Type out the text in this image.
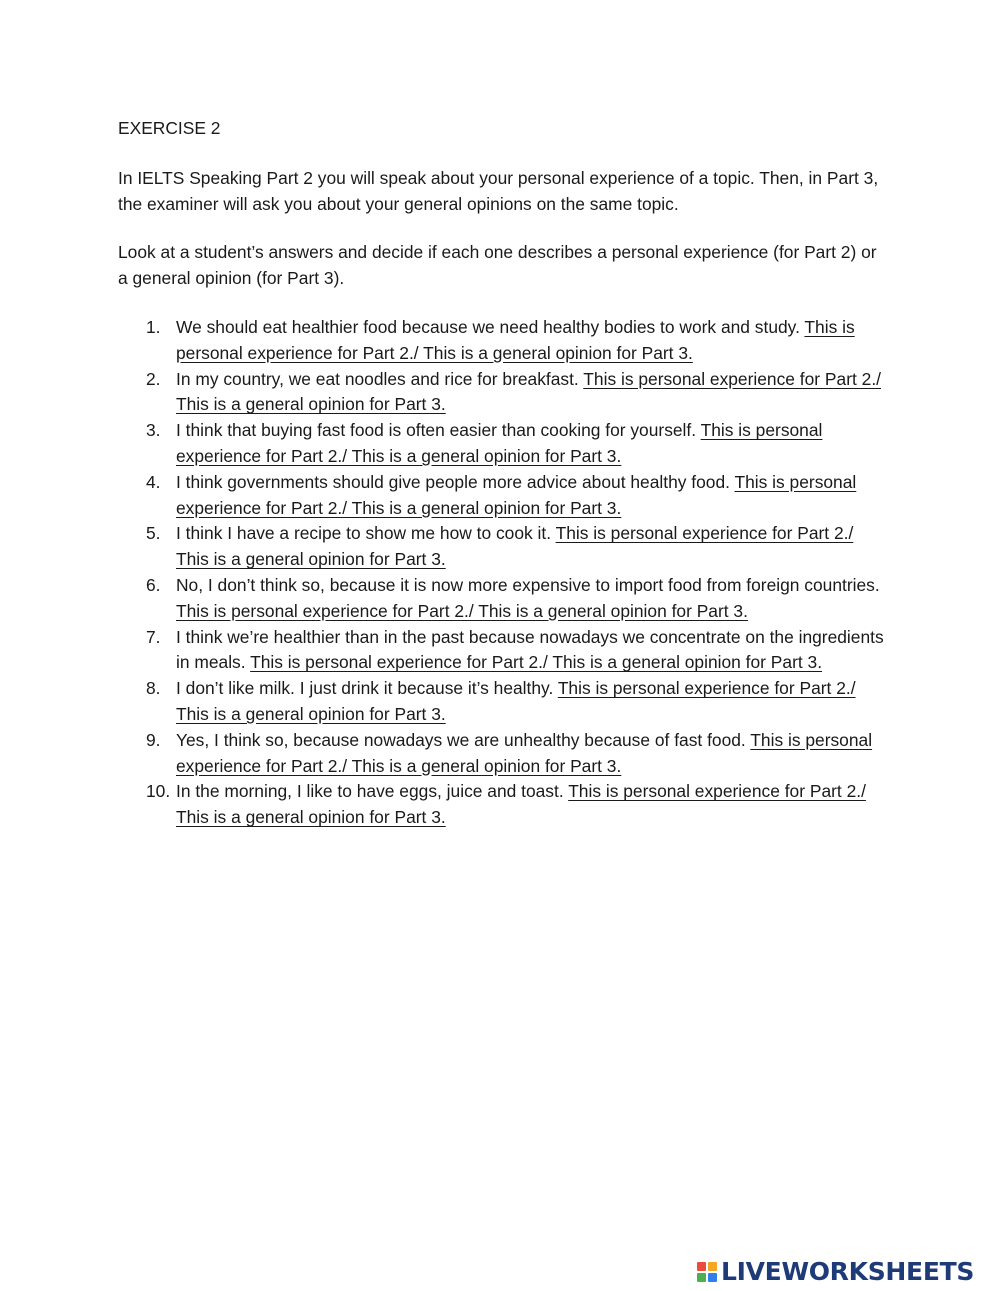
EXERCISE 2

In IELTS Speaking Part 2 you will speak about your personal experience of a topic. Then, in Part 3, the examiner will ask you about your general opinions on the same topic.

Look at a student’s answers and decide if each one describes a personal experience (for Part 2) or a general opinion (for Part 3).

1. We should eat healthier food because we need healthy bodies to work and study. This is personal experience for Part 2./ This is a general opinion for Part 3.
2. In my country, we eat noodles and rice for breakfast. This is personal experience for Part 2./ This is a general opinion for Part 3.
3. I think that buying fast food is often easier than cooking for yourself. This is personal experience for Part 2./ This is a general opinion for Part 3.
4. I think governments should give people more advice about healthy food. This is personal experience for Part 2./ This is a general opinion for Part 3.
5. I think I have a recipe to show me how to cook it. This is personal experience for Part 2./ This is a general opinion for Part 3.
6. No, I don’t think so, because it is now more expensive to import food from foreign countries. This is personal experience for Part 2./ This is a general opinion for Part 3.
7. I think we’re healthier than in the past because nowadays we concentrate on the ingredients in meals. This is personal experience for Part 2./ This is a general opinion for Part 3.
8. I don’t like milk. I just drink it because it’s healthy. This is personal experience for Part 2./ This is a general opinion for Part 3.
9. Yes, I think so, because nowadays we are unhealthy because of fast food. This is personal experience for Part 2./ This is a general opinion for Part 3.
10. In the morning, I like to have eggs, juice and toast. This is personal experience for Part 2./ This is a general opinion for Part 3.
LIVEWORKSHEETS
